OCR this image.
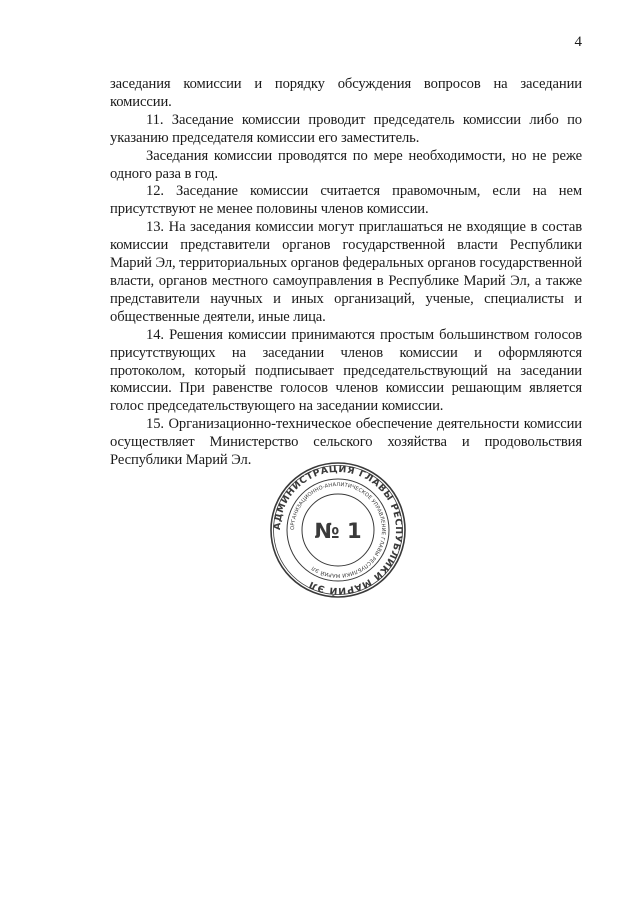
4

заседания комиссии и порядку обсуждения вопросов на заседании комиссии.

11. Заседание комиссии проводит председатель комиссии либо по указанию председателя комиссии его заместитель.

Заседания комиссии проводятся по мере необходимости, но не реже одного раза в год.

12. Заседание комиссии считается правомочным, если на нем присутствуют не менее половины членов комиссии.

13. На заседания комиссии могут приглашаться не входящие в состав комиссии представители органов государственной власти Республики Марий Эл, территориальных органов федеральных органов государственной власти, органов местного самоуправления в Республике Марий Эл, а также представители научных и иных организаций, ученые, специалисты и общественные деятели, иные лица.

14. Решения комиссии принимаются простым большинством голосов присутствующих на заседании членов комиссии и оформляются протоколом, который подписывает председательствующий на заседании комиссии. При равенстве голосов членов комиссии решающим является голос председательствующего на заседании комиссии.

15. Организационно-техническое обеспечение деятельности комиссии осуществляет Министерство сельского хозяйства и продовольствия Республики Марий Эл.

АДМИНИСТРАЦИЯ ГЛАВЫ РЕСПУБЛИКИ МАРИЙ ЭЛ
ОРГАНИЗАЦИОННО-АНАЛИТИЧЕСКОЕ УПРАВЛЕНИЕ ГЛАВЫ РЕСПУБЛИКИ МАРИЙ ЭЛ
№ 1
